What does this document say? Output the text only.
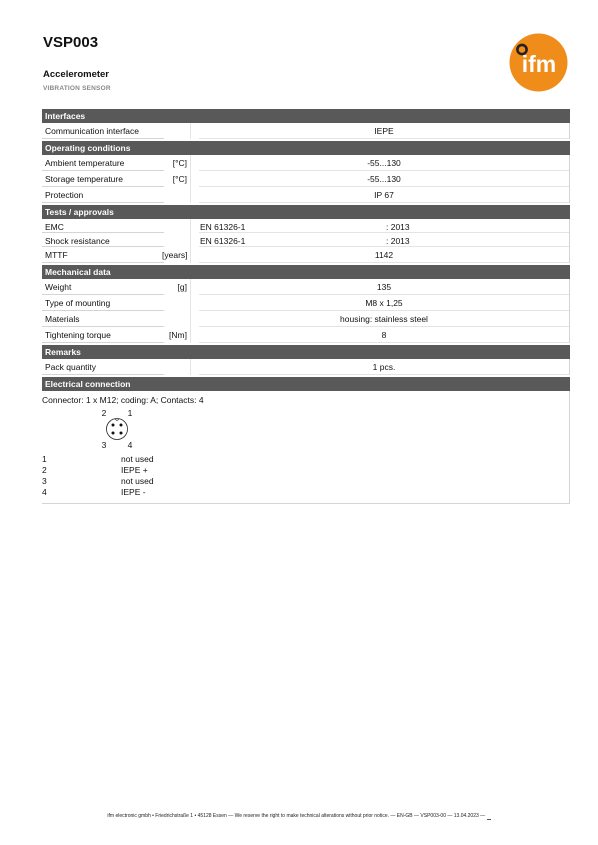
VSP003
Accelerometer
VIBRATION SENSOR
ifm
Interfaces
Communication interface	IEPE
Operating conditions
Ambient temperature	[°C]	-55...130
Storage temperature	[°C]	-55...130
Protection	IP 67
Tests / approvals
EMC	EN 61326-1	: 2013
Shock resistance	EN 61326-1	: 2013
MTTF	[years]	1142
Mechanical data
Weight	[g]	135
Type of mounting	M8 x 1,25
Materials	housing: stainless steel
Tightening torque	[Nm]	8
Remarks
Pack quantity	1 pcs.
Electrical connection
Connector: 1 x M12; coding: A; Contacts: 4
2	1
3	4
1	not used
2	IEPE +
3	not used
4	IEPE -
ifm electronic gmbh • Friedrichstraße 1 • 45128 Essen — We reserve the right to make technical alterations without prior notice. — EN-GB — VSP003-00 — 13.04.2023 —
